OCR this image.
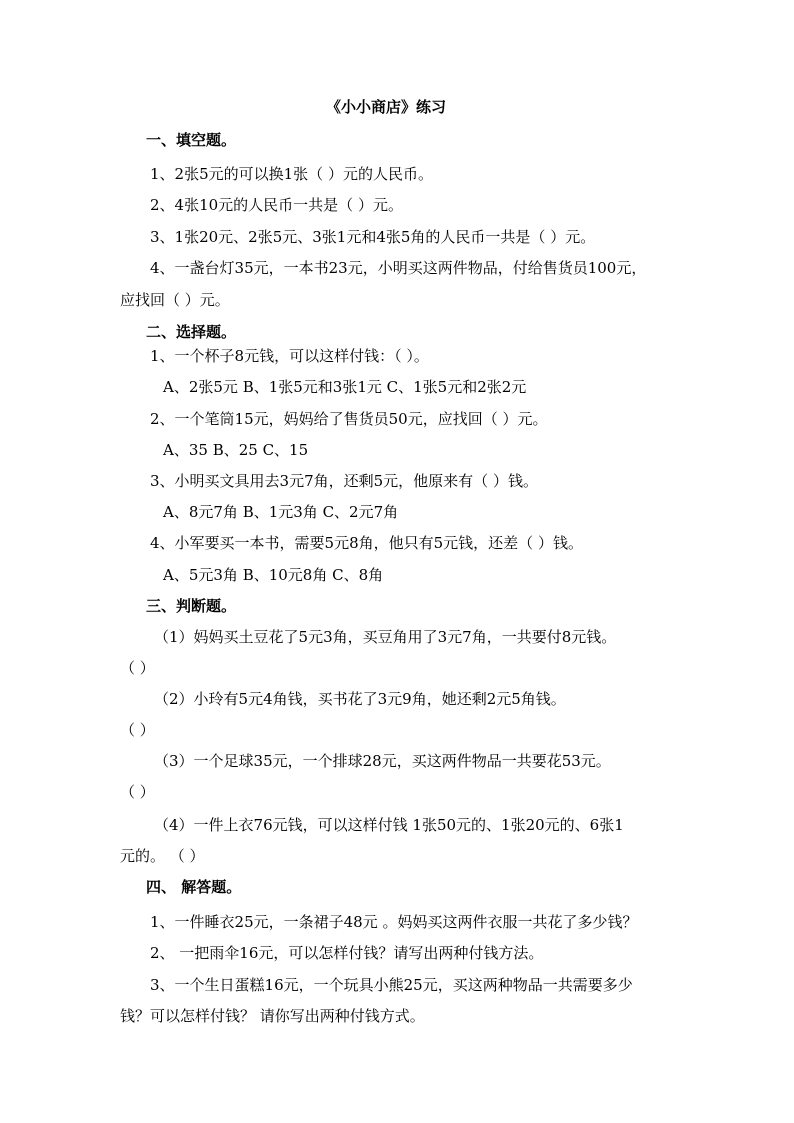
《小小商店》练习
一、填空题。
1、2张5元的可以换1张（ ）元的人民币。
2、4张10元的人民币一共是（ ）元。
3、1张20元、2张5元、3张1元和4张5角的人民币一共是（ ）元。
4、一盏台灯35元，一本书23元，小明买这两件物品，付给售货员100元，
应找回（ ）元。
二、选择题。
1、一个杯子8元钱，可以这样付钱：（ ）。
A、2张5元 B、1张5元和3张1元 C、1张5元和2张2元
2、一个笔筒15元，妈妈给了售货员50元，应找回（ ）元。
A、35 B、25 C、15
3、小明买文具用去3元7角，还剩5元，他原来有（ ）钱。
A、8元7角 B、1元3角 C、2元7角
4、小军要买一本书，需要5元8角，他只有5元钱，还差（ ）钱。
A、5元3角 B、10元8角 C、8角
三、判断题。
（1）妈妈买土豆花了5元3角，买豆角用了3元7角，一共要付8元钱。
（ ）
（2）小玲有5元4角钱，买书花了3元9角，她还剩2元5角钱。
（ ）
（3）一个足球35元，一个排球28元，买这两件物品一共要花53元。
（ ）
（4）一件上衣76元钱，可以这样付钱 1张50元的、1张20元的、6张1
元的。 （ ）
四、 解答题。
1、一件睡衣25元，一条裙子48元 。妈妈买这两件衣服一共花了多少钱？
2、 一把雨伞16元，可以怎样付钱？请写出两种付钱方法。
3、一个生日蛋糕16元，一个玩具小熊25元，买这两种物品一共需要多少
钱？可以怎样付钱？ 请你写出两种付钱方式。
